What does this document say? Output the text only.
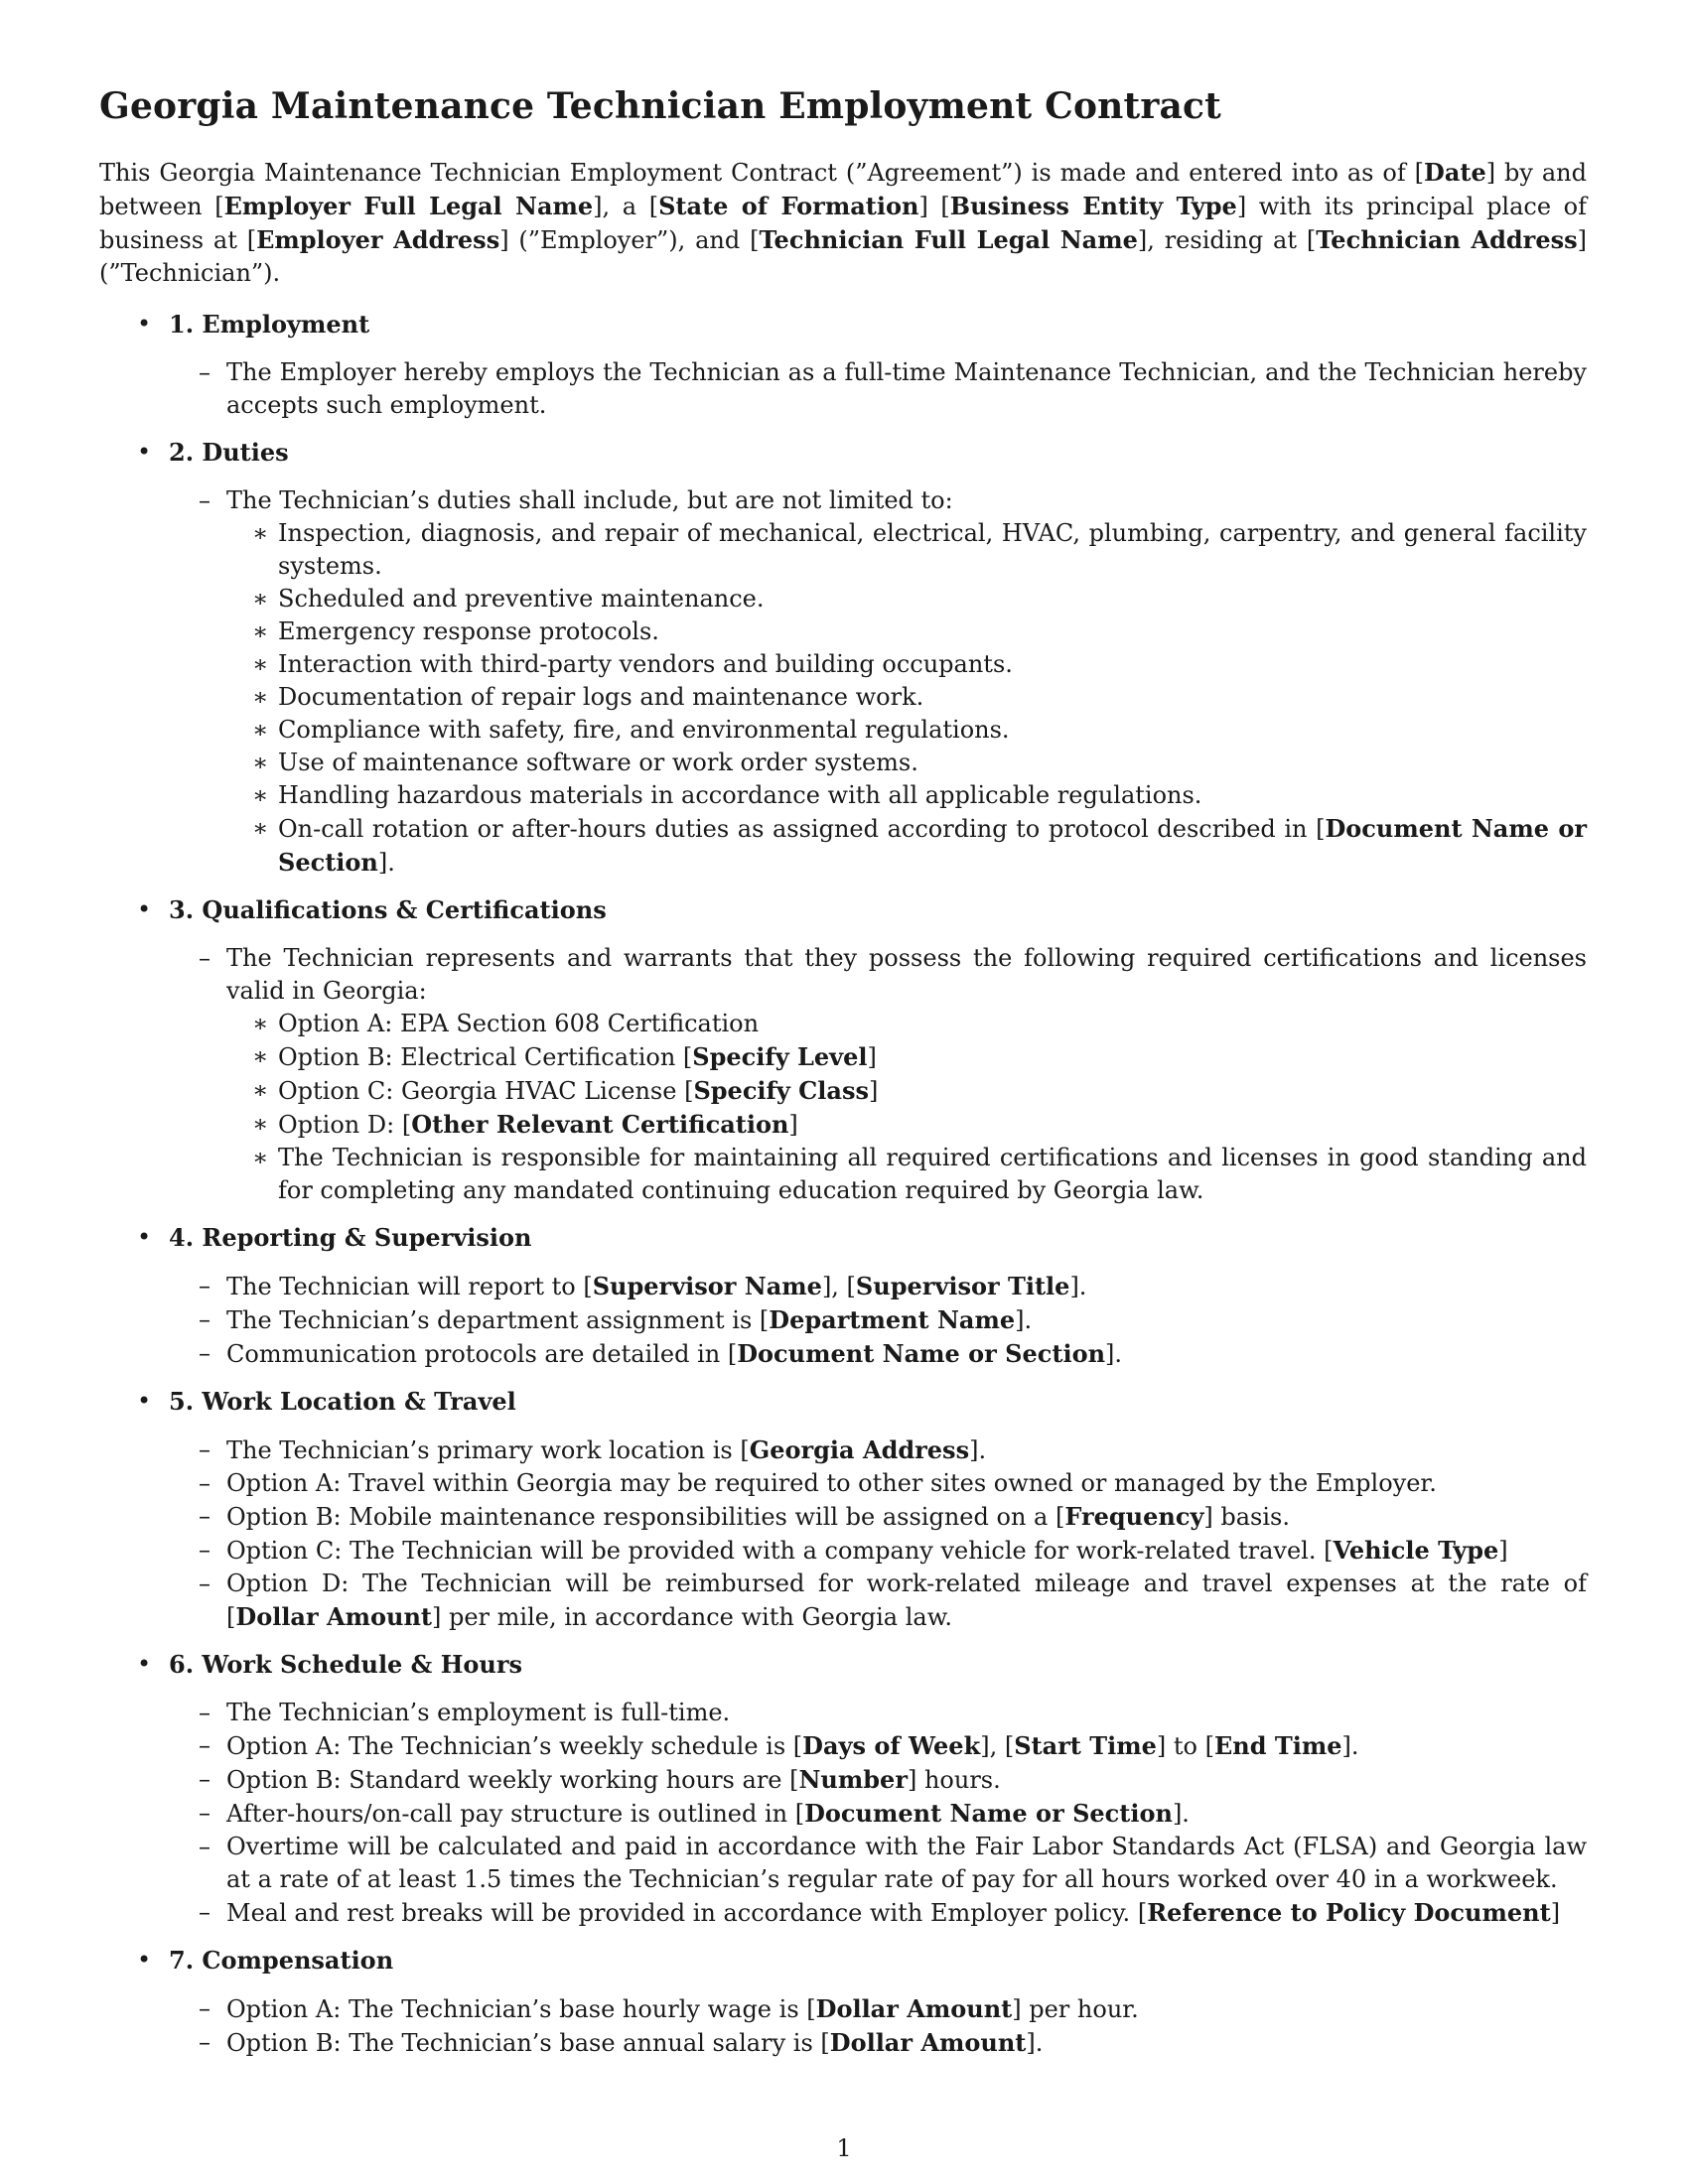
Georgia Maintenance Technician Employment Contract

This Georgia Maintenance Technician Employment Contract (”Agreement”) is made and entered into as of [Date] by and between [Employer Full Legal Name], a [State of Formation] [Business Entity Type] with its principal place of business at [Employer Address] (”Employer”), and [Technician Full Legal Name], residing at [Technician Address] (”Technician”).

• 1. Employment
– The Employer hereby employs the Technician as a full-time Maintenance Technician, and the Technician hereby accepts such employment.
• 2. Duties
– The Technician’s duties shall include, but are not limited to:
∗ Inspection, diagnosis, and repair of mechanical, electrical, HVAC, plumbing, carpentry, and general facility systems.
∗ Scheduled and preventive maintenance.
∗ Emergency response protocols.
∗ Interaction with third-party vendors and building occupants.
∗ Documentation of repair logs and maintenance work.
∗ Compliance with safety, fire, and environmental regulations.
∗ Use of maintenance software or work order systems.
∗ Handling hazardous materials in accordance with all applicable regulations.
∗ On-call rotation or after-hours duties as assigned according to protocol described in [Document Name or Section].
• 3. Qualifications & Certifications
– The Technician represents and warrants that they possess the following required certifications and licenses valid in Georgia:
∗ Option A: EPA Section 608 Certification
∗ Option B: Electrical Certification [Specify Level]
∗ Option C: Georgia HVAC License [Specify Class]
∗ Option D: [Other Relevant Certification]
∗ The Technician is responsible for maintaining all required certifications and licenses in good standing and for completing any mandated continuing education required by Georgia law.
• 4. Reporting & Supervision
– The Technician will report to [Supervisor Name], [Supervisor Title].
– The Technician’s department assignment is [Department Name].
– Communication protocols are detailed in [Document Name or Section].
• 5. Work Location & Travel
– The Technician’s primary work location is [Georgia Address].
– Option A: Travel within Georgia may be required to other sites owned or managed by the Employer.
– Option B: Mobile maintenance responsibilities will be assigned on a [Frequency] basis.
– Option C: The Technician will be provided with a company vehicle for work-related travel. [Vehicle Type]
– Option D: The Technician will be reimbursed for work-related mileage and travel expenses at the rate of [Dollar Amount] per mile, in accordance with Georgia law.
• 6. Work Schedule & Hours
– The Technician’s employment is full-time.
– Option A: The Technician’s weekly schedule is [Days of Week], [Start Time] to [End Time].
– Option B: Standard weekly working hours are [Number] hours.
– After-hours/on-call pay structure is outlined in [Document Name or Section].
– Overtime will be calculated and paid in accordance with the Fair Labor Standards Act (FLSA) and Georgia law at a rate of at least 1.5 times the Technician’s regular rate of pay for all hours worked over 40 in a workweek.
– Meal and rest breaks will be provided in accordance with Employer policy. [Reference to Policy Document]
• 7. Compensation
– Option A: The Technician’s base hourly wage is [Dollar Amount] per hour.
– Option B: The Technician’s base annual salary is [Dollar Amount].
1
